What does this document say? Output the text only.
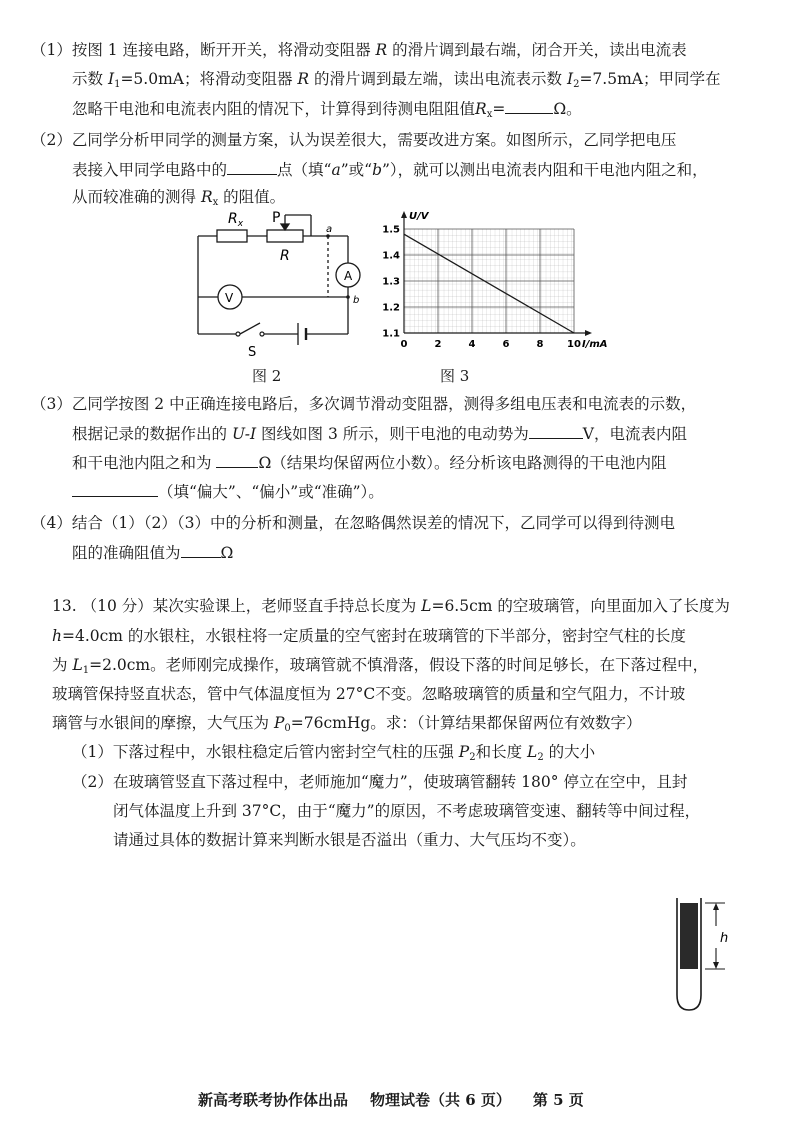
（1）按图 1 连接电路，断开开关，将滑动变阻器 R 的滑片调到最右端，闭合开关，读出电流表
示数 $I_1=5.0mA$；将滑动变阻器 R 的滑片调到最左端，读出电流表示数 $I_2=7.5mA$；甲同学在
忽略干电池和电流表内阻的情况下，计算得到待测电阻阻值$R_x=$	Ω。
（2）乙同学分析甲同学的测量方案，认为误差很大，需要改进方案。如图所示，乙同学把电压
表接入甲同学电路中的	点（填“a”或“b”），就可以测出电流表内阻和干电池内阻之和，
从而较准确的测得 $R_x$ 的阻值。
$R_x$ P
R
a
b
A
V
S
图 2
0	2	4	6	8 10
1.1
1.2
1.3
1.4
1.5
I/mA
U/V
图 3
（3）乙同学按图 2 中正确连接电路后，多次调节滑动变阻器，测得多组电压表和电流表的示数，
根据记录的数据作出的 U-I 图线如图 3 所示，则干电池的电动势为	V，电流表内阻
和干电池内阻之和为	Ω（结果均保留两位小数）。经分析该电路测得的干电池内阻
（填“偏大”、“偏小”或“准确”）。
（4）结合（1）（2）（3）中的分析和测量，在忽略偶然误差的情况下，乙同学可以得到待测电
阻的准确阻值为	Ω
13. （10 分）某次实验课上，老师竖直手持总长度为 L=6.5cm 的空玻璃管，向里面加入了长度为
h=4.0cm 的水银柱，水银柱将一定质量的空气密封在玻璃管的下半部分，密封空气柱的长度
为 $L_1=2.0cm$。老师刚完成操作，玻璃管就不慎滑落，假设下落的时间足够长，在下落过程中，
玻璃管保持竖直状态，管中气体温度恒为 27°C不变。忽略玻璃管的质量和空气阻力，不计玻
璃管与水银间的摩擦，大气压为 $P_0=76cmHg$。求：（计算结果都保留两位有效数字）
（1）下落过程中，水银柱稳定后管内密封空气柱的压强 $P_2$和长度 $L_2$ 的大小
（2）在玻璃管竖直下落过程中，老师施加“魔力”，使玻璃管翻转 180° 停立在空中，且封
闭气体温度上升到 37°C，由于“魔力”的原因，不考虑玻璃管变速、翻转等中间过程，
请通过具体的数据计算来判断水银是否溢出（重力、大气压均不变）。
h
新高考联考协作体出品 物理试卷（共 6 页） 第 5 页
